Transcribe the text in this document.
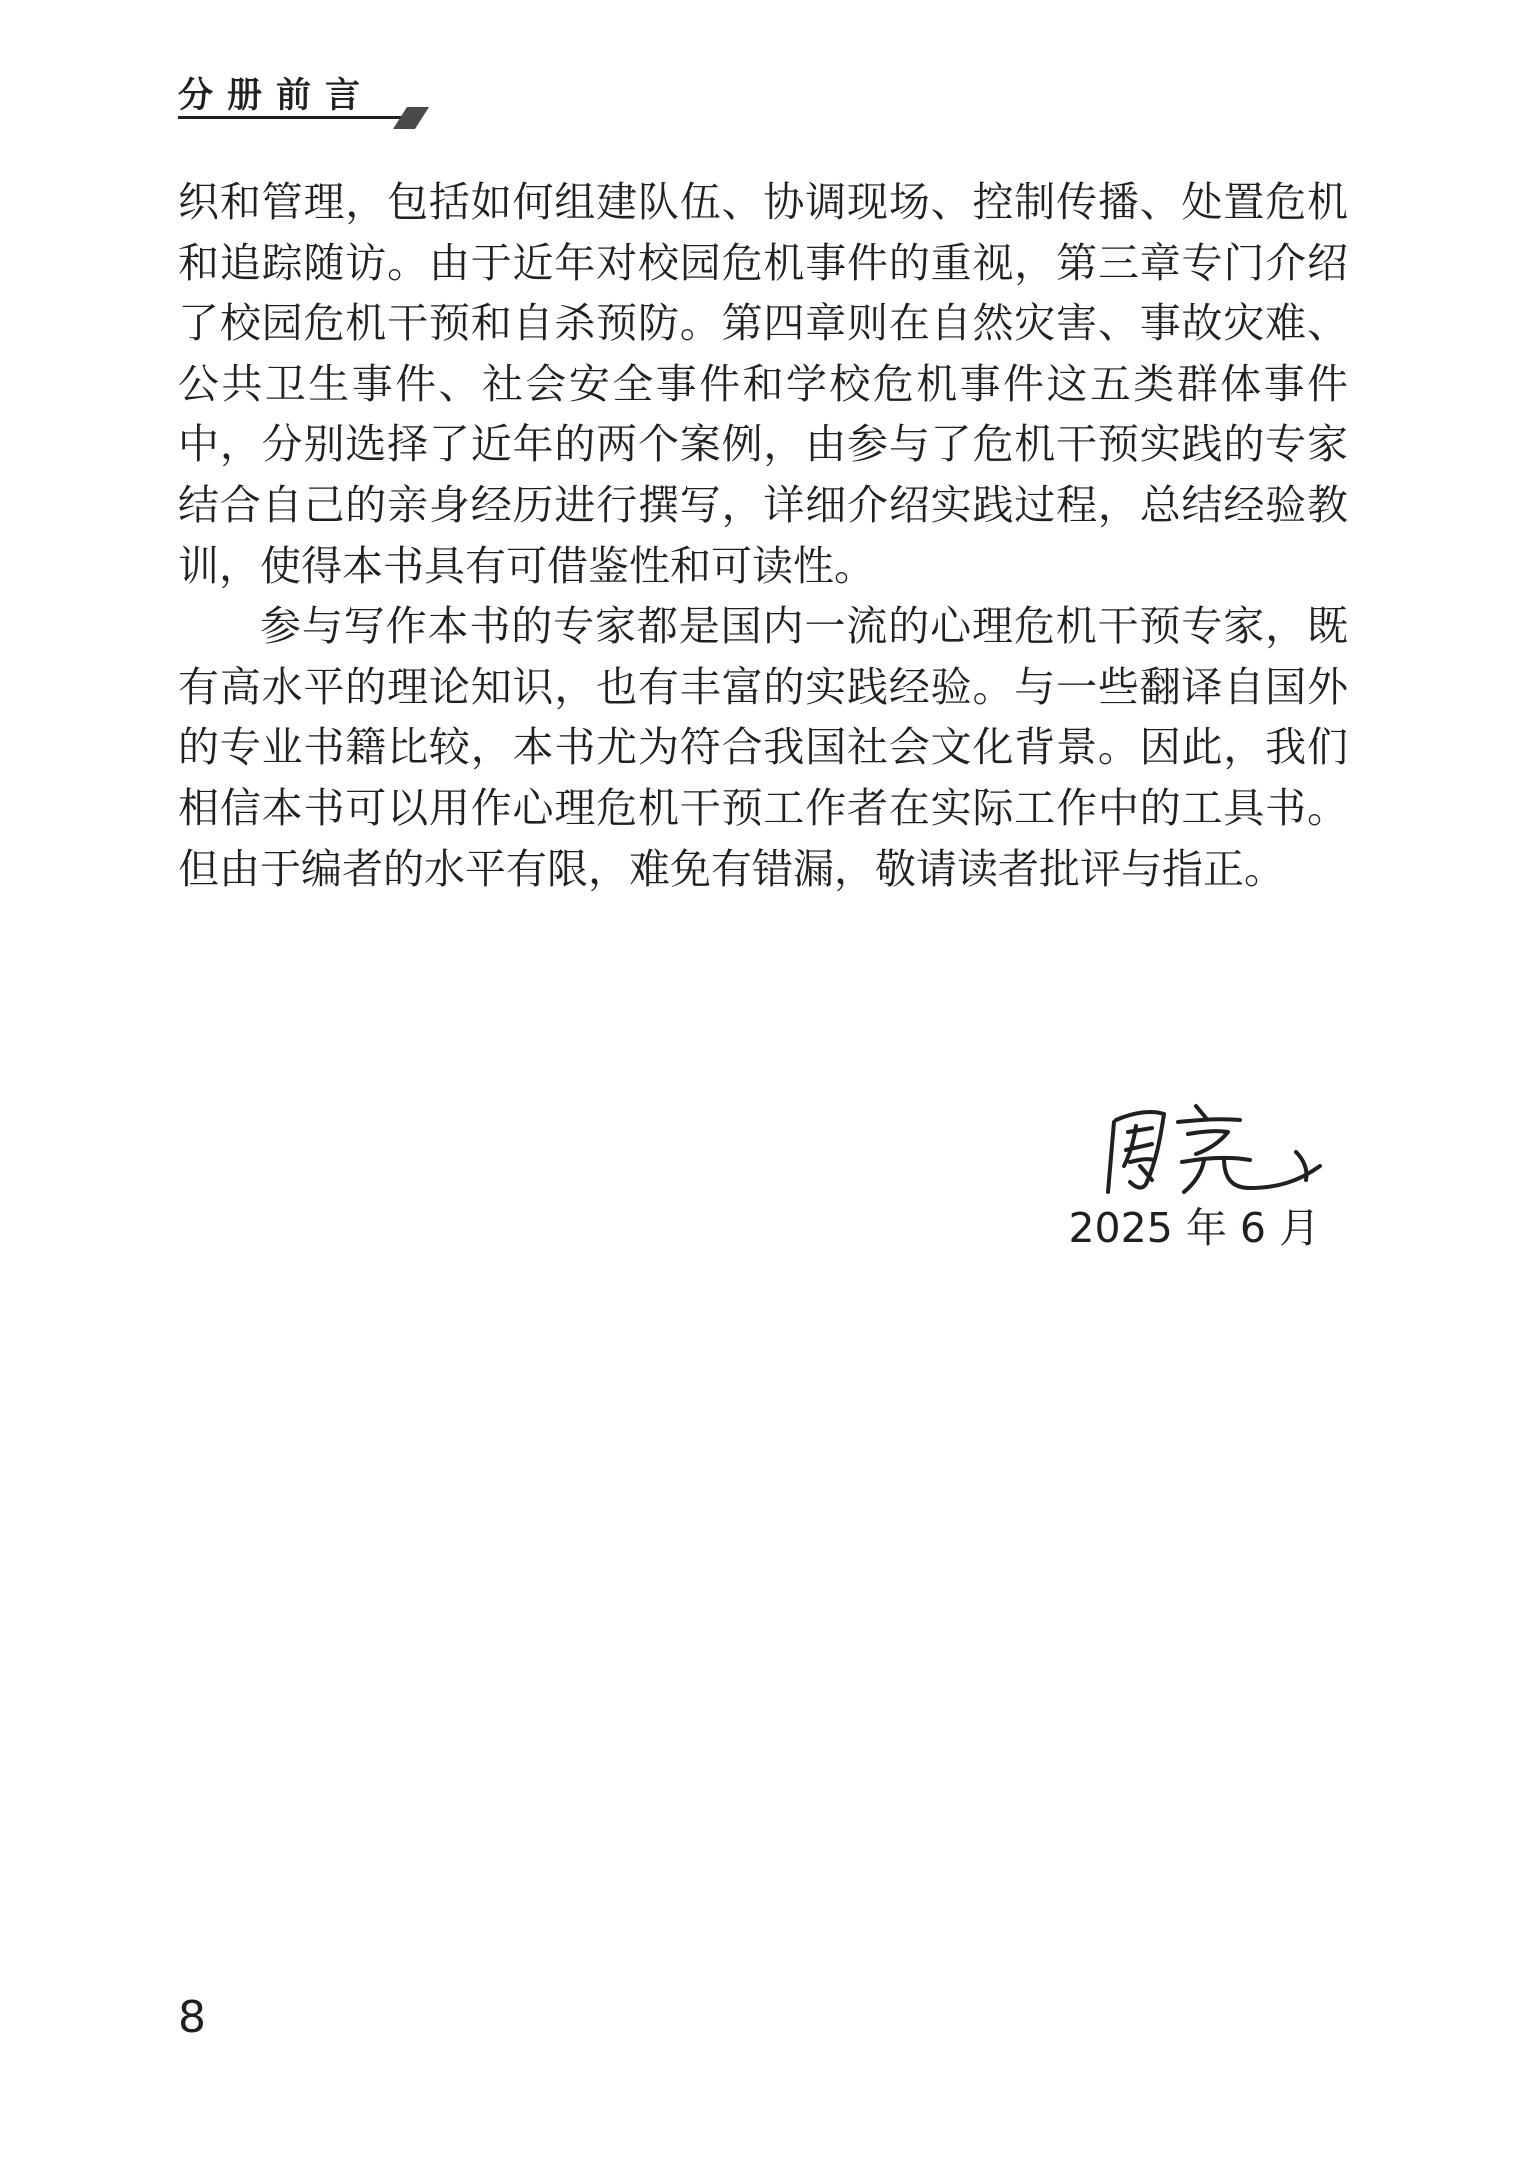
分册前言

织和管理，包括如何组建队伍、协调现场、控制传播、处置危机和追踪随访。由于近年对校园危机事件的重视，第三章专门介绍了校园危机干预和自杀预防。第四章则在自然灾害、事故灾难、公共卫生事件、社会安全事件和学校危机事件这五类群体事件中，分别选择了近年的两个案例，由参与了危机干预实践的专家结合自己的亲身经历进行撰写，详细介绍实践过程，总结经验教训，使得本书具有可借鉴性和可读性。

参与写作本书的专家都是国内一流的心理危机干预专家，既有高水平的理论知识，也有丰富的实践经验。与一些翻译自国外的专业书籍比较，本书尤为符合我国社会文化背景。因此，我们相信本书可以用作心理危机干预工作者在实际工作中的工具书。但由于编者的水平有限，难免有错漏，敬请读者批评与指正。

2025 年 6 月
8
